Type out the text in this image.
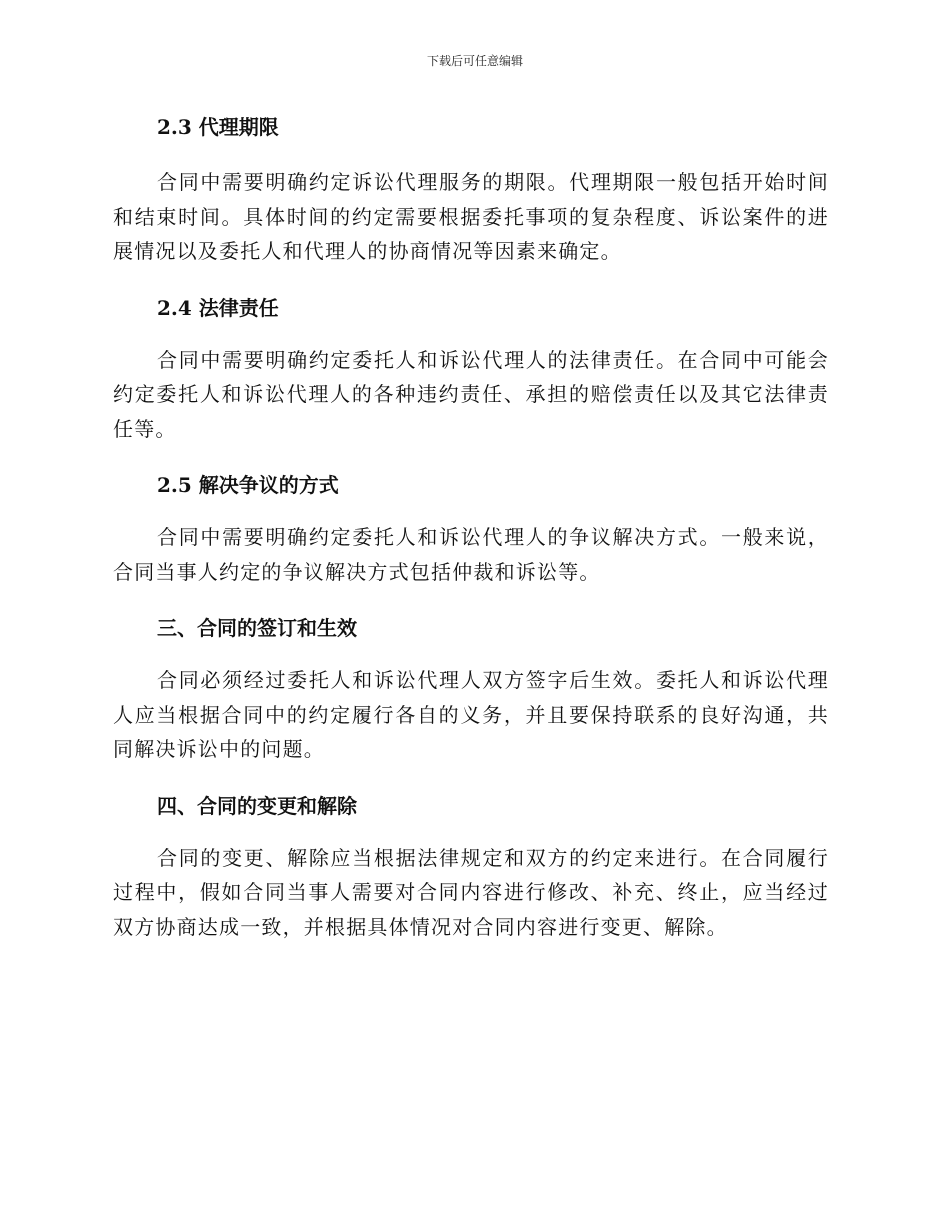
下载后可任意编辑
2.3 代理期限

合同中需要明确约定诉讼代理服务的期限。代理期限一般包括开始时间和结束时间。具体时间的约定需要根据委托事项的复杂程度、诉讼案件的进展情况以及委托人和代理人的协商情况等因素来确定。

2.4 法律责任

合同中需要明确约定委托人和诉讼代理人的法律责任。在合同中可能会约定委托人和诉讼代理人的各种违约责任、承担的赔偿责任以及其它法律责任等。

2.5 解决争议的方式

合同中需要明确约定委托人和诉讼代理人的争议解决方式。一般来说，合同当事人约定的争议解决方式包括仲裁和诉讼等。

三、合同的签订和生效

合同必须经过委托人和诉讼代理人双方签字后生效。委托人和诉讼代理人应当根据合同中的约定履行各自的义务，并且要保持联系的良好沟通，共同解决诉讼中的问题。

四、合同的变更和解除

合同的变更、解除应当根据法律规定和双方的约定来进行。在合同履行过程中，假如合同当事人需要对合同内容进行修改、补充、终止，应当经过双方协商达成一致，并根据具体情况对合同内容进行变更、解除。
